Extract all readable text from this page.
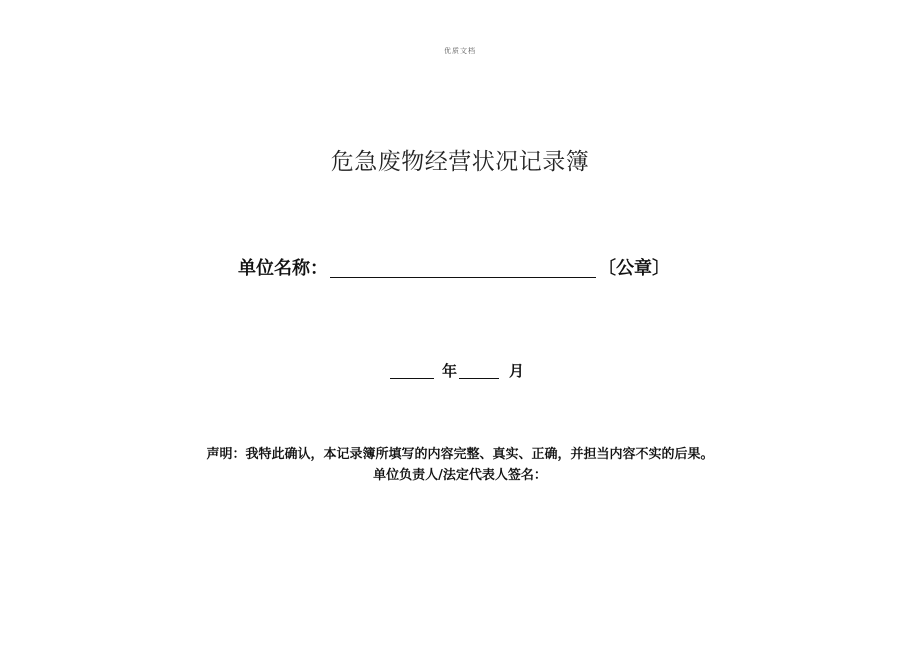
优质文档
危急废物经营状况记录簿
单位名称：	〔公章〕
年	月
声明：我特此确认，本记录簿所填写的内容完整、真实、正确，并担当内容不实的后果。
单位负责人/法定代表人签名：
